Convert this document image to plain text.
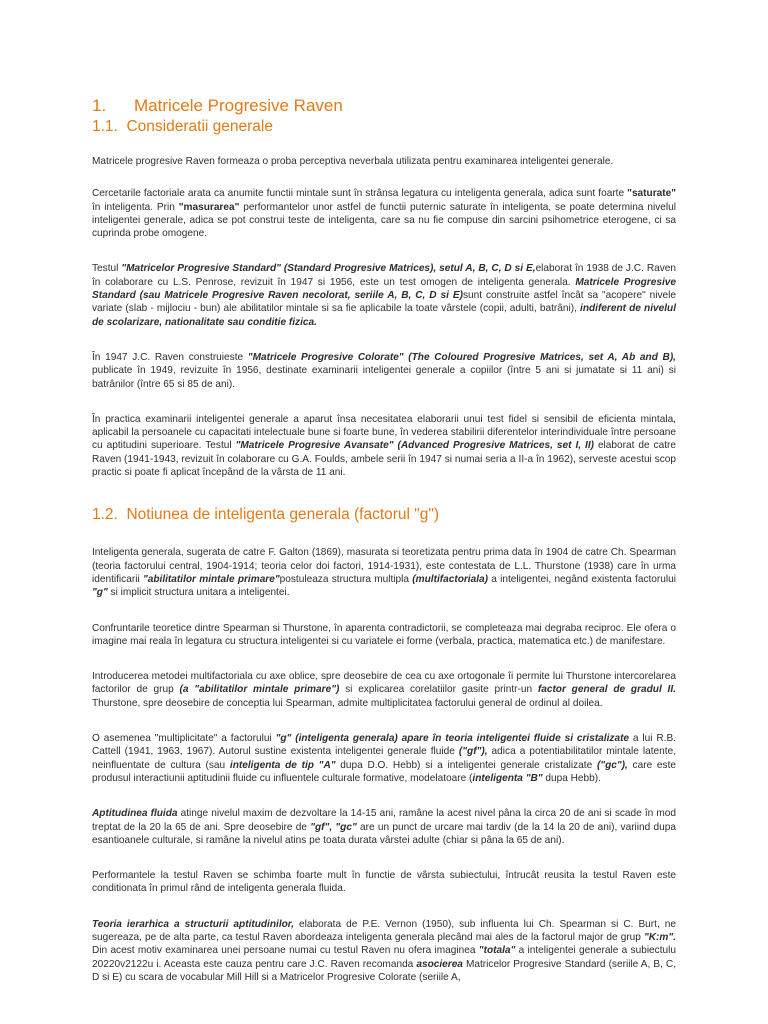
1. Matricele Progresive Raven
1.1. Consideratii generale

Matricele progresive Raven formeaza o proba perceptiva neverbala utilizata pentru examinarea inteligentei generale.

Cercetarile factoriale arata ca anumite functii mintale sunt în strânsa legatura cu inteligenta generala, adica sunt foarte "saturate" în inteligenta. Prin "masurarea" performantelor unor astfel de functii puternic saturate în inteligenta, se poate determina nivelul inteligentei generale, adica se pot construi teste de inteligenta, care sa nu fie compuse din sarcini psihometrice eterogene, ci sa cuprinda probe omogene.

Testul "Matricelor Progresive Standard" (Standard Progresive Matrices), setul A, B, C, D si E,elaborat în 1938 de J.C. Raven în colaborare cu L.S. Penrose, revizuit în 1947 si 1956, este un test omogen de inteligenta generala. Matricele Progresive Standard (sau Matricele Progresive Raven necolorat, seriile A, B, C, D si E)sunt construite astfel încât sa "acopere" nivele variate (slab - mijlociu - bun) ale abilitatilor mintale si sa fie aplicabile la toate vârstele (copii, adulti, batrâni), indiferent de nivelul de scolarizare, nationalitate sau conditie fizica.

În 1947 J.C. Raven construieste "Matricele Progresive Colorate" (The Coloured Progresive Matrices, set A, Ab and B), publicate în 1949, revizuite în 1956, destinate examinarii inteligentei generale a copiilor (între 5 ani si jumatate si 11 ani) si batrânilor (între 65 si 85 de ani).

În practica examinarii inteligentei generale a aparut însa necesitatea elaborarii unui test fidel si sensibil de eficienta mintala, aplicabil la persoanele cu capacitati intelectuale bune si foarte bune, în vederea stabilirii diferentelor interindividuale între persoane cu aptitudini superioare. Testul "Matricele Progresive Avansate" (Advanced Progresive Matrices, set I, II) elaborat de catre Raven (1941-1943, revizuit în colaborare cu G.A. Foulds, ambele serii în 1947 si numai seria a II-a în 1962), serveste acestui scop practic si poate fi aplicat începând de la vârsta de 11 ani.

1.2. Notiunea de inteligenta generala (factorul "g")

Inteligenta generala, sugerata de catre F. Galton (1869), masurata si teoretizata pentru prima data în 1904 de catre Ch. Spearman (teoria factorului central, 1904-1914; teoria celor doi factori, 1914-1931), este contestata de L.L. Thurstone (1938) care în urma identificarii "abilitatilor mintale primare"postuleaza structura multipla (multifactoriala) a inteligentei, negând existenta factorului "g" si implicit structura unitara a inteligentei.

Confruntarile teoretice dintre Spearman si Thurstone, în aparenta contradictorii, se completeaza mai degraba reciproc. Ele ofera o imagine mai reala în legatura cu structura inteligentei si cu variatele ei forme (verbala, practica, matematica etc.) de manifestare.

Introducerea metodei multifactoriala cu axe oblice, spre deosebire de cea cu axe ortogonale îi permite lui Thurstone intercorelarea factorilor de grup (a "abilitatilor mintale primare") si explicarea corelatiilor gasite printr-un factor general de gradul II. Thurstone, spre deosebire de conceptia lui Spearman, admite multiplicitatea factorului general de ordinul al doilea.

O asemenea "multiplicitate" a factorului "g" (inteligenta generala) apare în teoria inteligentei fluide si cristalizate a lui R.B. Cattell (1941, 1963, 1967). Autorul sustine existenta inteligentei generale fluide ("gf"), adica a potentiabilitatilor mintale latente, neinfluentate de cultura (sau inteligenta de tip "A" dupa D.O. Hebb) si a inteligentei generale cristalizate ("gc"), care este produsul interactiunii aptitudinii fluide cu influentele culturale formative, modelatoare (inteligenta "B" dupa Hebb).

Aptitudinea fluida atinge nivelul maxim de dezvoltare la 14-15 ani, ramâne la acest nivel pâna la circa 20 de ani si scade în mod treptat de la 20 la 65 de ani. Spre deosebire de "gf", "gc" are un punct de urcare mai tardiv (de la 14 la 20 de ani), variind dupa esantioanele culturale, si ramâne la nivelul atins pe toata durata vârstei adulte (chiar si pâna la 65 de ani).

Performantele la testul Raven se schimba foarte mult în functie de vârsta subiectului, întrucât reusita la testul Raven este conditionata în primul rând de inteligenta generala fluida.

Teoria ierarhica a structurii aptitudinilor, elaborata de P.E. Vernon (1950), sub influenta lui Ch. Spearman si C. Burt, ne sugereaza, pe de alta parte, ca testul Raven abordeaza inteligenta generala plecând mai ales de la factorul major de grup "K:m". Din acest motiv examinarea unei persoane numai cu testul Raven nu ofera imaginea "totala" a inteligentei generale a subiectulu 20220v2122u i. Aceasta este cauza pentru care J.C. Raven recomanda asocierea Matricelor Progresive Standard (seriile A, B, C, D si E) cu scara de vocabular Mill Hill si a Matricelor Progresive Colorate (seriile A,
